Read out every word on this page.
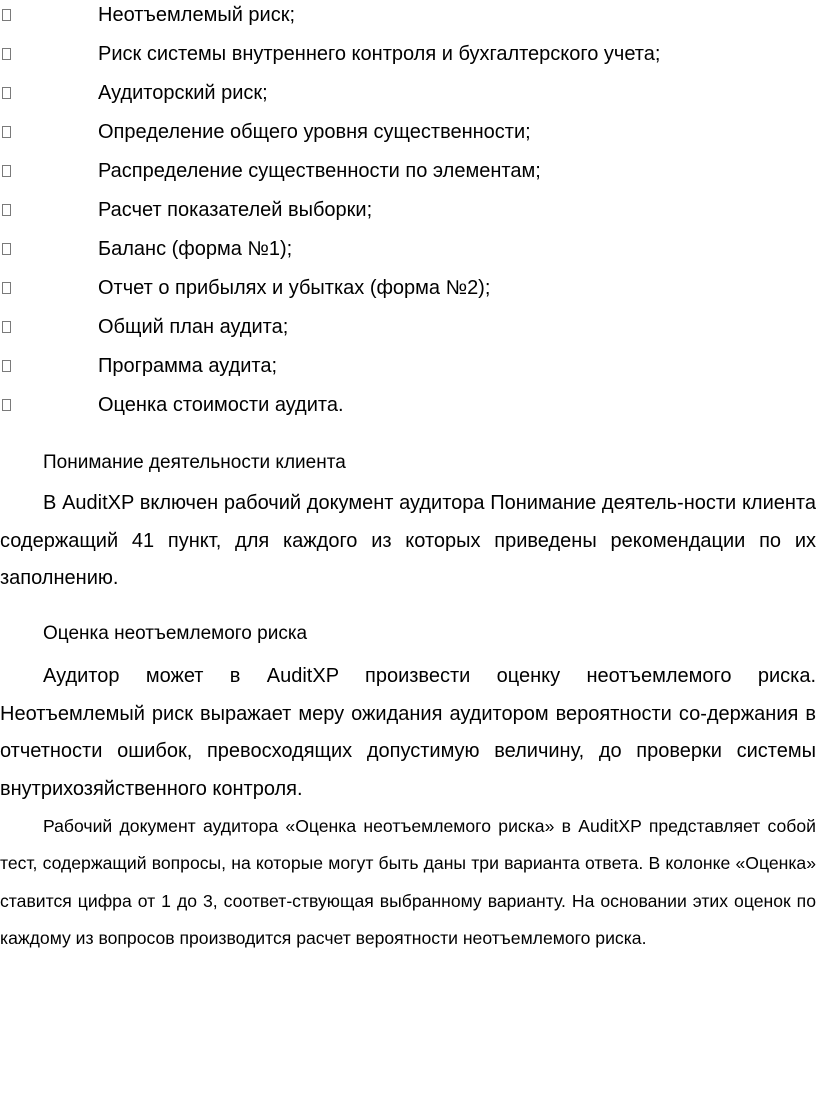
Неотъемлемый риск;
Риск системы внутреннего контроля и бухгалтерского учета;
Аудиторский риск;
Определение общего уровня существенности;
Распределение существенности по элементам;
Расчет показателей выборки;
Баланс (форма №1);
Отчет о прибылях и убытках (форма №2);
Общий план аудита;
Программа аудита;
Оценка стоимости аудита.
Понимание деятельности клиента

В AuditXP включен рабочий документ аудитора Понимание деятель-ности клиента содержащий 41 пункт, для каждого из которых приведены рекомендации по их заполнению.

Оценка неотъемлемого риска

Аудитор может в AuditXP произвести оценку неотъемлемого риска. Неотъемлемый риск выражает меру ожидания аудитором вероятности со-держания в отчетности ошибок, превосходящих допустимую величину, до проверки системы внутрихозяйственного контроля.

Рабочий документ аудитора «Оценка неотъемлемого риска» в AuditXP представляет собой тест, содержащий вопросы, на которые могут быть даны три варианта ответа. В колонке «Оценка» ставится цифра от 1 до 3, соответ-ствующая выбранному варианту. На основании этих оценок по каждому из вопросов производится расчет вероятности неотъемлемого риска.
